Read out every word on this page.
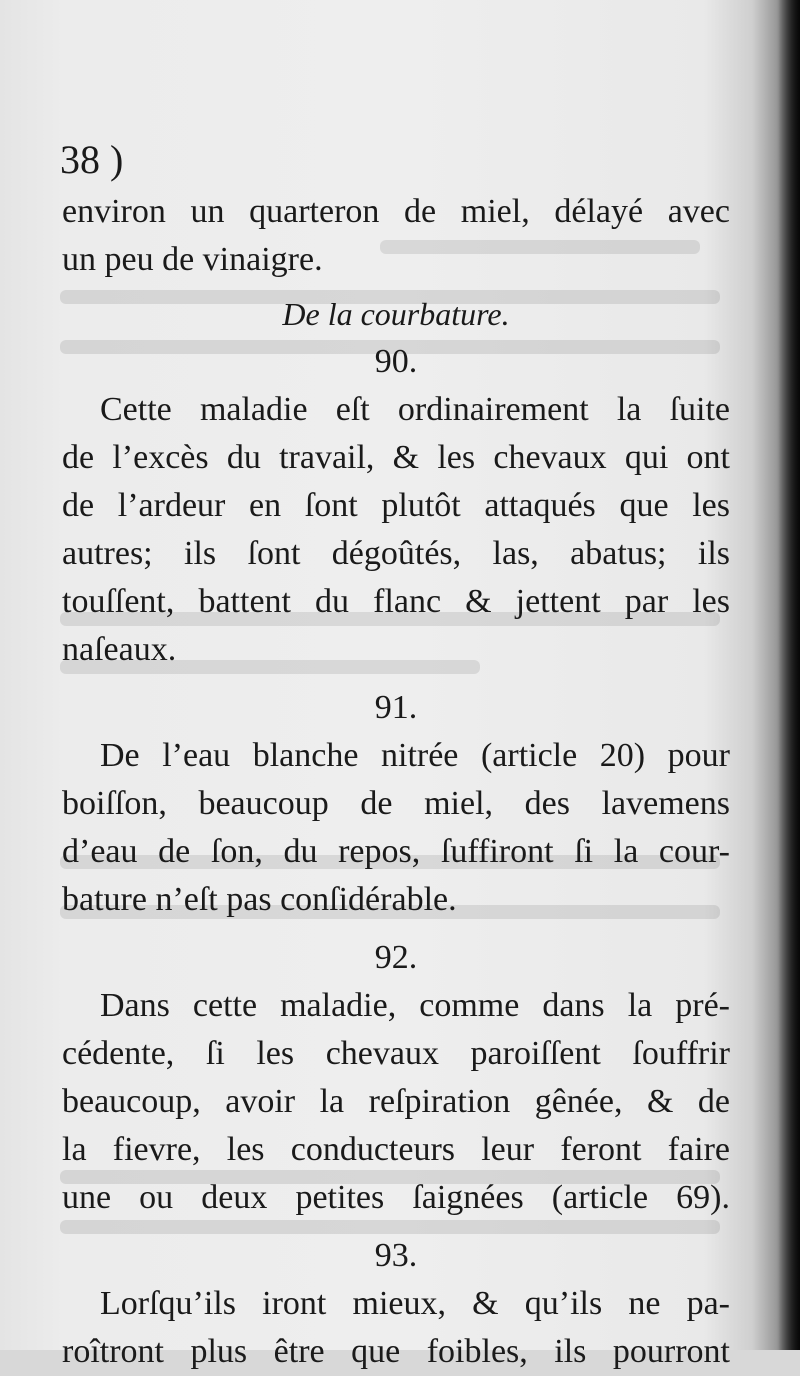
38 )
environ un quarteron de miel, délayé avec
un peu de vinaigre.
De la courbature.
90.
Cette maladie eſt ordinairement la ſuite
de l’excès du travail, & les chevaux qui ont
de l’ardeur en ſont plutôt attaqués que les
autres; ils ſont dégoûtés, las, abatus; ils
touſſent, battent du flanc & jettent par les
naſeaux.
91.
De l’eau blanche nitrée (article 20) pour
boiſſon, beaucoup de miel, des lavemens
d’eau de ſon, du repos, ſuffiront ſi la cour-
bature n’eſt pas conſidérable.
92.
Dans cette maladie, comme dans la pré-
cédente, ſi les chevaux paroiſſent ſouffrir
beaucoup, avoir la reſpiration gênée, & de
la fievre, les conducteurs leur feront faire
une ou deux petites ſaignées (article 69).
93.
Lorſqu’ils iront mieux, & qu’ils ne pa-
roîtront plus être que foibles, ils pourront
